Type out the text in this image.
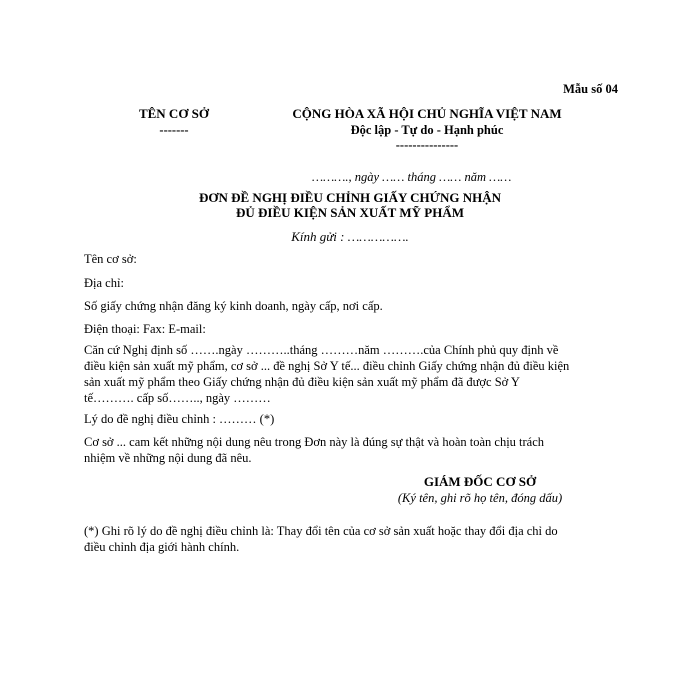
Mẫu số 04
TÊN CƠ SỞ
-------
CỘNG HÒA XÃ HỘI CHỦ NGHĨA VIỆT NAM
Độc lập - Tự do - Hạnh phúc
---------------
………., ngày …… tháng …… năm ……
ĐƠN ĐỀ NGHỊ ĐIỀU CHỈNH GIẤY CHỨNG NHẬN
ĐỦ ĐIỀU KIỆN SẢN XUẤT MỸ PHẨM
Kính gửi : …………….
Tên cơ sở:
Địa chỉ:
Số giấy chứng nhận đăng ký kinh doanh, ngày cấp, nơi cấp.
Điện thoại: Fax: E-mail:
Căn cứ Nghị định số …….ngày ………..tháng ………năm ……….của Chính phủ quy định về
điều kiện sản xuất mỹ phẩm, cơ sở ... đề nghị Sở Y tế... điều chỉnh Giấy chứng nhận đủ điều kiện
sản xuất mỹ phẩm theo Giấy chứng nhận đủ điều kiện sản xuất mỹ phẩm đã được Sở Y
tế………. cấp số…….., ngày ………
Lý do đề nghị điều chỉnh : ……… (*)
Cơ sở ... cam kết những nội dung nêu trong Đơn này là đúng sự thật và hoàn toàn chịu trách
nhiệm về những nội dung đã nêu.
GIÁM ĐỐC CƠ SỞ
(Ký tên, ghi rõ họ tên, đóng dấu)
(*) Ghi rõ lý do đề nghị điều chỉnh là: Thay đổi tên của cơ sở sản xuất hoặc thay đổi địa chỉ do
điều chỉnh địa giới hành chính.
